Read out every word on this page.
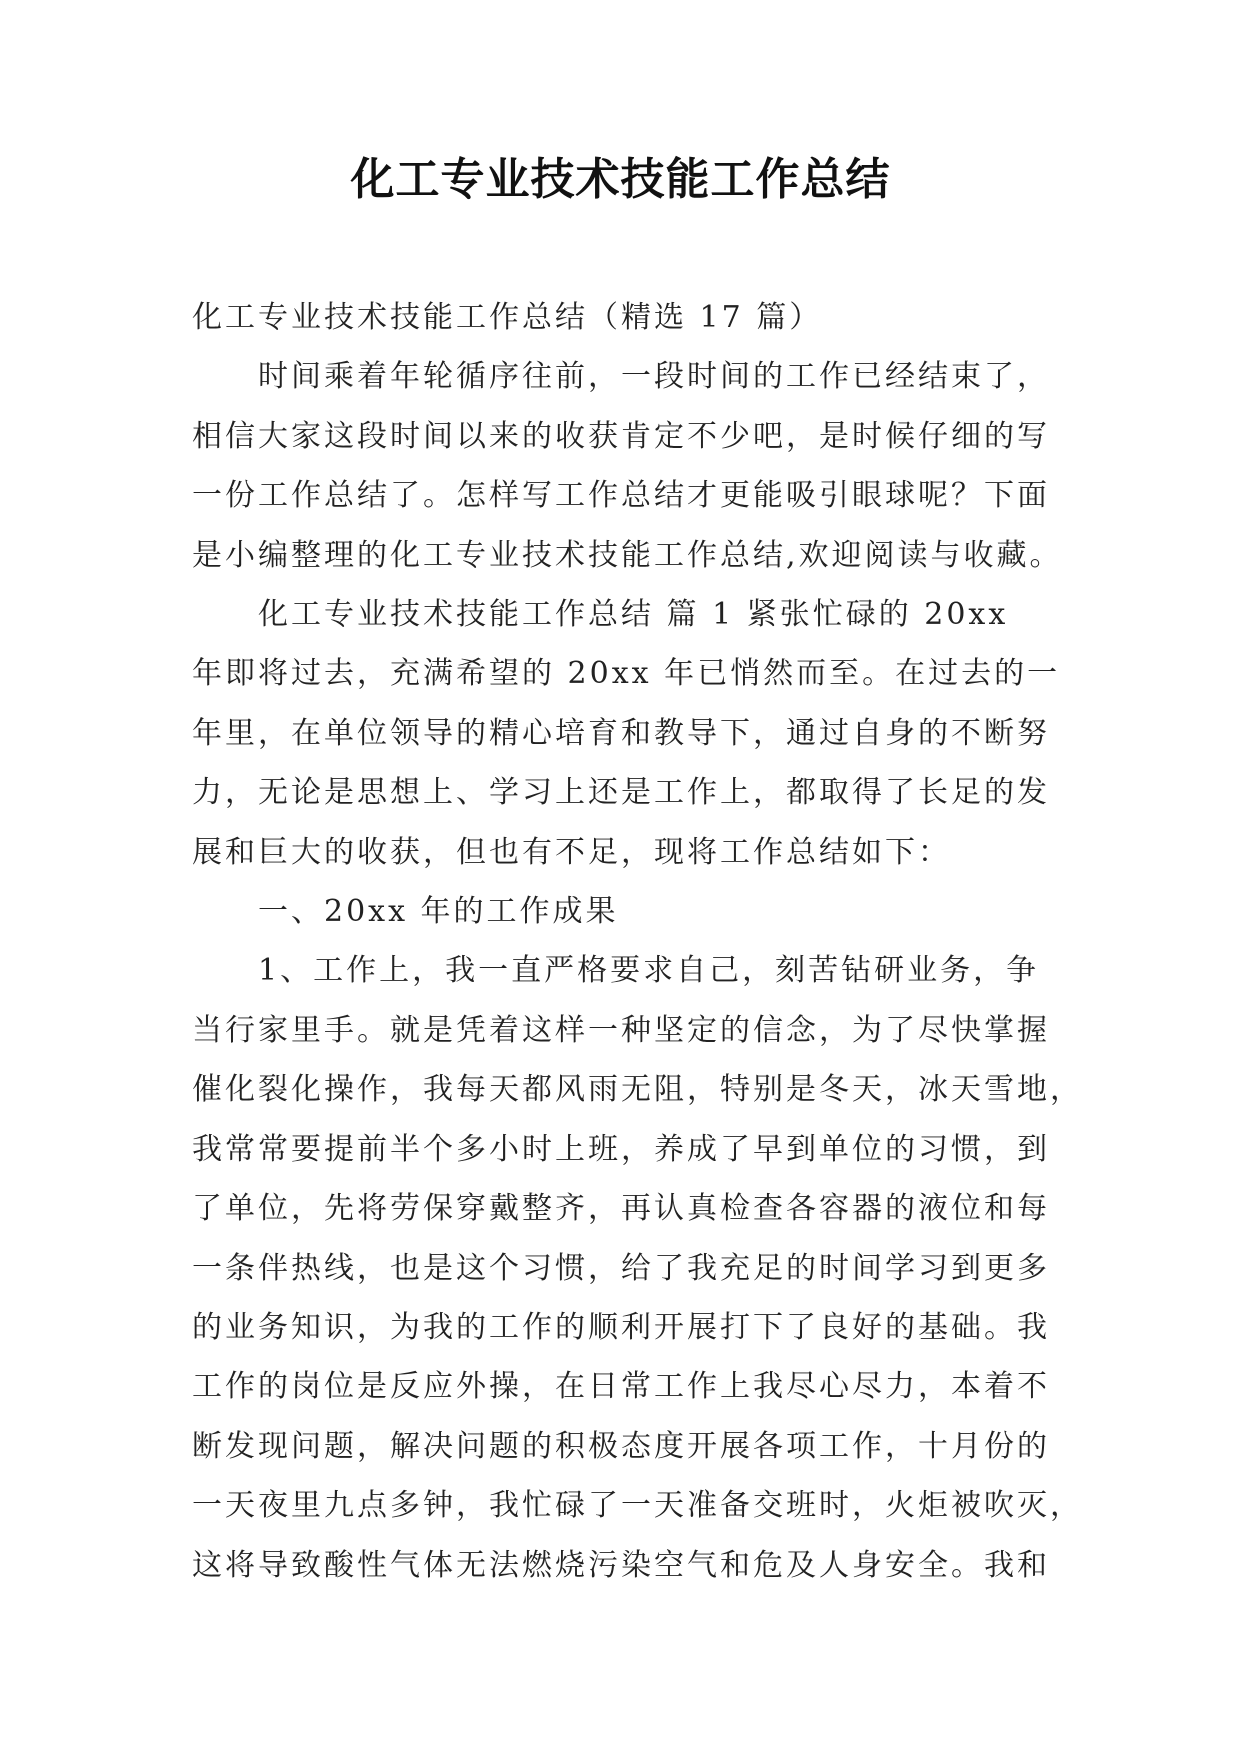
化工专业技术技能工作总结

化工专业技术技能工作总结（精选 17 篇）

时间乘着年轮循序往前，一段时间的工作已经结束了，

相信大家这段时间以来的收获肯定不少吧，是时候仔细的写

一份工作总结了。怎样写工作总结才更能吸引眼球呢？下面

是小编整理的化工专业技术技能工作总结,欢迎阅读与收藏。

化工专业技术技能工作总结 篇 1 紧张忙碌的 20xx

年即将过去，充满希望的 20xx 年已悄然而至。在过去的一

年里，在单位领导的精心培育和教导下，通过自身的不断努

力，无论是思想上、学习上还是工作上，都取得了长足的发

展和巨大的收获，但也有不足，现将工作总结如下：

一、20xx 年的工作成果

1、工作上，我一直严格要求自己，刻苦钻研业务，争

当行家里手。就是凭着这样一种坚定的信念，为了尽快掌握

催化裂化操作，我每天都风雨无阻，特别是冬天，冰天雪地，

我常常要提前半个多小时上班，养成了早到单位的习惯，到

了单位，先将劳保穿戴整齐，再认真检查各容器的液位和每

一条伴热线，也是这个习惯，给了我充足的时间学习到更多

的业务知识，为我的工作的顺利开展打下了良好的基础。我

工作的岗位是反应外操，在日常工作上我尽心尽力，本着不

断发现问题，解决问题的积极态度开展各项工作，十月份的

一天夜里九点多钟，我忙碌了一天准备交班时，火炬被吹灭，

这将导致酸性气体无法燃烧污染空气和危及人身安全。我和
